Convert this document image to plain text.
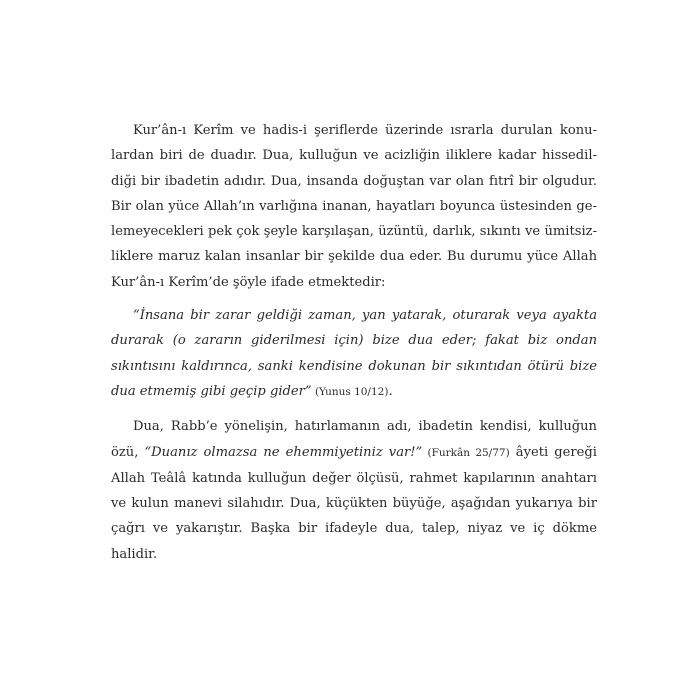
Kur’ân-ı Kerîm ve hadis-i şeriflerde üzerinde ısrarla durulan konulardan biri de duadır. Dua, kulluğun ve acizliğin iliklere kadar hissedildiği bir ibadetin adıdır. Dua, insanda doğuştan var olan fıtrî bir olgudur. Bir olan yüce Allah’ın varlığına inanan, hayatları boyunca üstesinden gelemeyecekleri pek çok şeyle karşılaşan, üzüntü, darlık, sıkıntı ve ümitsizliklere maruz kalan insanlar bir şekilde dua eder. Bu durumu yüce Allah Kur’ân-ı Kerîm’de şöyle ifade etmektedir:

“İnsana bir zarar geldiği zaman, yan yatarak, oturarak veya ayakta durarak (o zararın giderilmesi için) bize dua eder; fakat biz ondan sıkıntısını kaldırınca, sanki kendisine dokunan bir sıkıntıdan ötürü bize dua etmemiş gibi geçip gider” (Yunus 10/12).

Dua, Rabb’e yönelişin, hatırlamanın adı, ibadetin kendisi, kulluğun özü, “Duanız olmazsa ne ehemmiyetiniz var!” (Furkân 25/77) âyeti gereği Allah Teâlâ katında kulluğun değer ölçüsü, rahmet kapılarının anahtarı ve kulun manevi silahıdır. Dua, küçükten büyüğe, aşağıdan yukarıya bir çağrı ve yakarıştır. Başka bir ifadeyle dua, talep, niyaz ve iç dökme halidir.
